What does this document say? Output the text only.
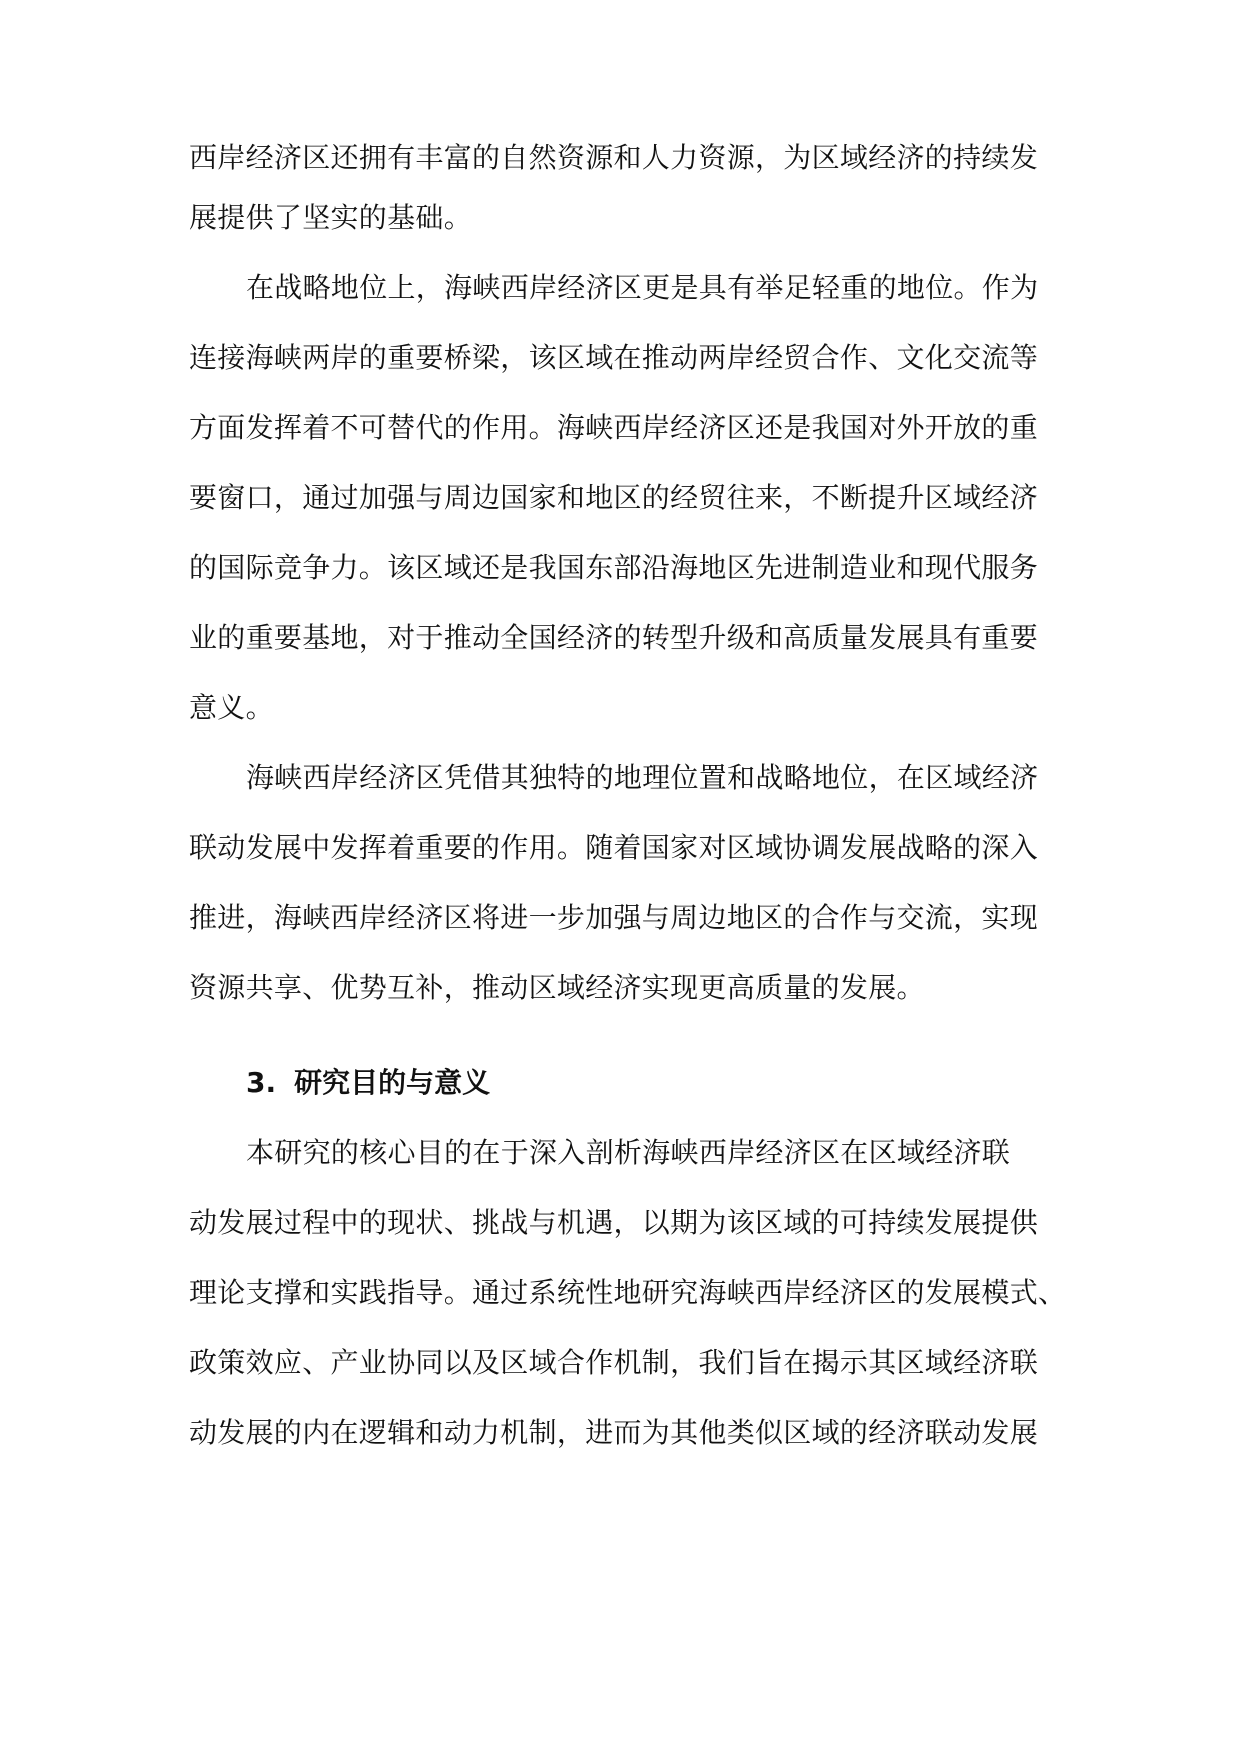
西岸经济区还拥有丰富的自然资源和人力资源，为区域经济的持续发
展提供了坚实的基础。
在战略地位上，海峡西岸经济区更是具有举足轻重的地位。作为
连接海峡两岸的重要桥梁，该区域在推动两岸经贸合作、文化交流等
方面发挥着不可替代的作用。海峡西岸经济区还是我国对外开放的重
要窗口，通过加强与周边国家和地区的经贸往来，不断提升区域经济
的国际竞争力。该区域还是我国东部沿海地区先进制造业和现代服务
业的重要基地，对于推动全国经济的转型升级和高质量发展具有重要
意义。
海峡西岸经济区凭借其独特的地理位置和战略地位，在区域经济
联动发展中发挥着重要的作用。随着国家对区域协调发展战略的深入
推进，海峡西岸经济区将进一步加强与周边地区的合作与交流，实现
资源共享、优势互补，推动区域经济实现更高质量的发展。
3. 研究目的与意义
本研究的核心目的在于深入剖析海峡西岸经济区在区域经济联
动发展过程中的现状、挑战与机遇，以期为该区域的可持续发展提供
理论支撑和实践指导。通过系统性地研究海峡西岸经济区的发展模式、
政策效应、产业协同以及区域合作机制，我们旨在揭示其区域经济联
动发展的内在逻辑和动力机制，进而为其他类似区域的经济联动发展
